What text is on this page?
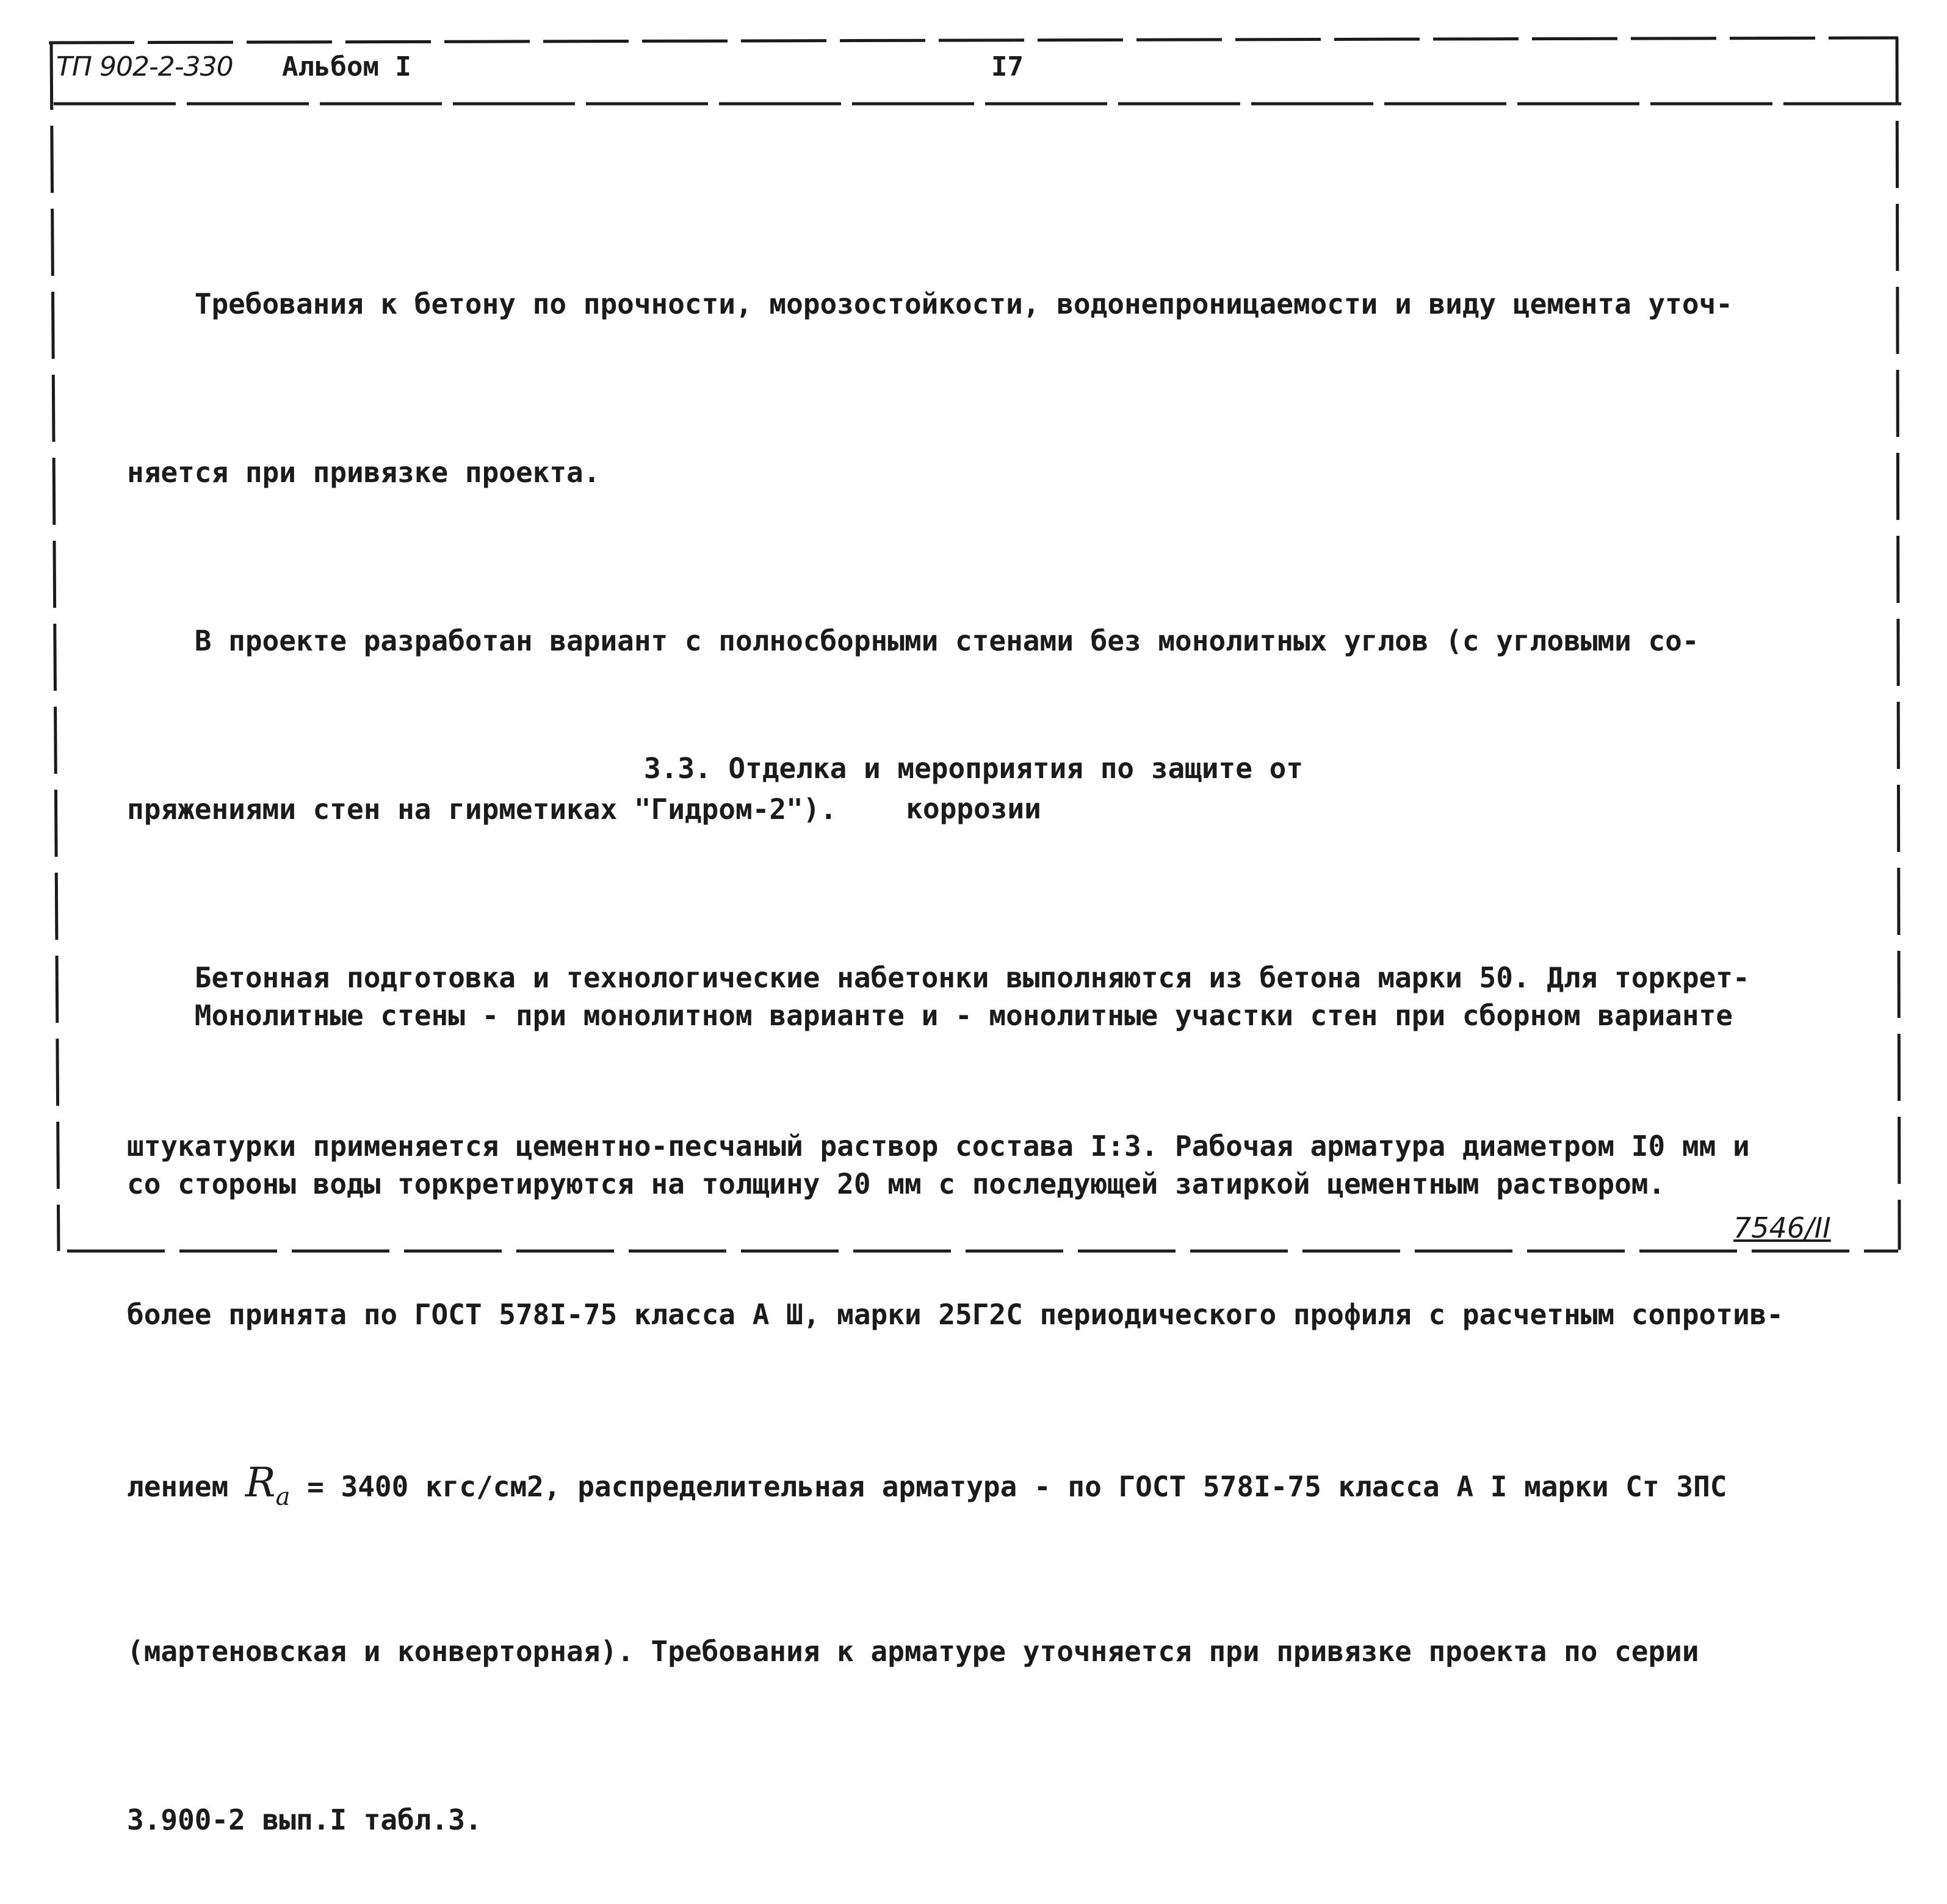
ТП 902-2-330 Альбом I	I7

Требования к бетону по прочности, морозостойкости, водонепроницаемости и виду цемента уточ-

няется при привязке проекта.

В проекте разработан вариант с полносборными стенами без монолитных углов (с угловыми со-

пряжениями стен на гирметиках "Гидром-2").

Бетонная подготовка и технологические набетонки выполняются из бетона марки 50. Для торкрет-

штукатурки применяется цементно-песчаный раствор состава I:3. Рабочая арматура диаметром I0 мм и

более принята по ГОСТ 578I-75 класса А Ш, марки 25Г2С периодического профиля с расчетным сопротив-

лением $R_a = 3400$ кгс/см2, распределительная арматура - по ГОСТ 578I-75 класса А I марки Ст 3ПС

(мартеновская и конверторная). Требования к арматуре уточняется при привязке проекта по серии

3.900-2 вып.I табл.3.

3.3. Отделка и мероприятия по защите от
коррозии

Монолитные стены - при монолитном варианте и - монолитные участки стен при сборном варианте

со стороны воды торкретируются на толщину 20 мм с последующей затиркой цементным раствором.

7546/II
